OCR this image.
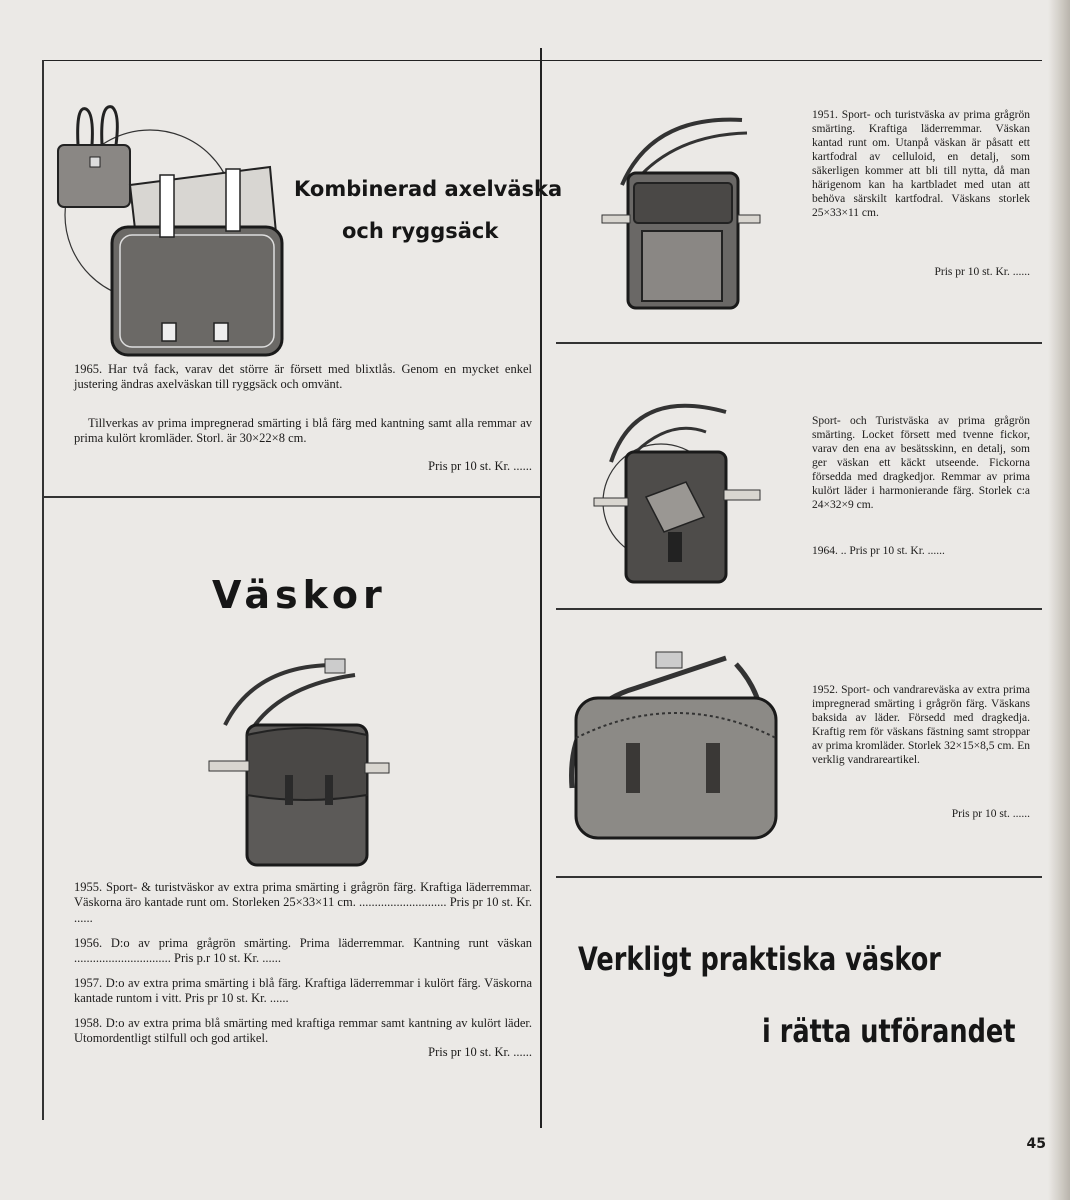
Kombinerad axelväska
och ryggsäck
1965. Har två fack, varav det större är försett med blixtlås. Genom en mycket enkel justering ändras axelväskan till ryggsäck och omvänt.
Tillverkas av prima impregnerad smärting i blå färg med kantning samt alla remmar av prima kulört kromläder. Storl. är 30×22×8 cm.
Pris pr 10 st. Kr. ......
Väskor
1955. Sport- & turistväskor av extra prima smärting i grågrön färg. Kraftiga läderremmar. Väskorna äro kantade runt om. Storleken 25×33×11 cm. ............................ Pris pr 10 st. Kr. ......
1956. D:o av prima grågrön smärting. Prima läderremmar. Kantning runt väskan ............................... Pris p.r 10 st. Kr. ......
1957. D:o av extra prima smärting i blå färg. Kraftiga läderremmar i kulört färg. Väskorna kantade runtom i vitt. Pris pr 10 st. Kr. ......
1958. D:o av extra prima blå smärting med kraftiga remmar samt kantning av kulört läder. Utomordentligt stilfull och god artikel.
Pris pr 10 st. Kr. ......
1951. Sport- och turistväska av prima grågrön smärting. Kraftiga läderremmar. Väskan kantad runt om. Utanpå väskan är påsatt ett kartfodral av celluloid, en detalj, som säkerligen kommer att bli till nytta, då man härigenom kan ha kartbladet med utan att behöva särskilt kartfodral. Väskans storlek 25×33×11 cm.
Pris pr 10 st. Kr. ......
Sport- och Turistväska av prima grågrön smärting. Locket försett med tvenne fickor, varav den ena av besätsskinn, en detalj, som ger väskan ett käckt utseende. Fickorna försedda med dragkedjor. Remmar av prima kulört läder i harmonierande färg. Storlek c:a 24×32×9 cm.
1964. .. Pris pr 10 st. Kr. ......
1952. Sport- och vandrareväska av extra prima impregnerad smärting i grågrön färg. Väskans baksida av läder. Försedd med dragkedja. Kraftig rem för väskans fästning samt stroppar av prima kromläder. Storlek 32×15×8,5 cm. En verklig vandrareartikel.
Pris pr 10 st. ......
Verkligt praktiska väskor
i rätta utförandet
45
